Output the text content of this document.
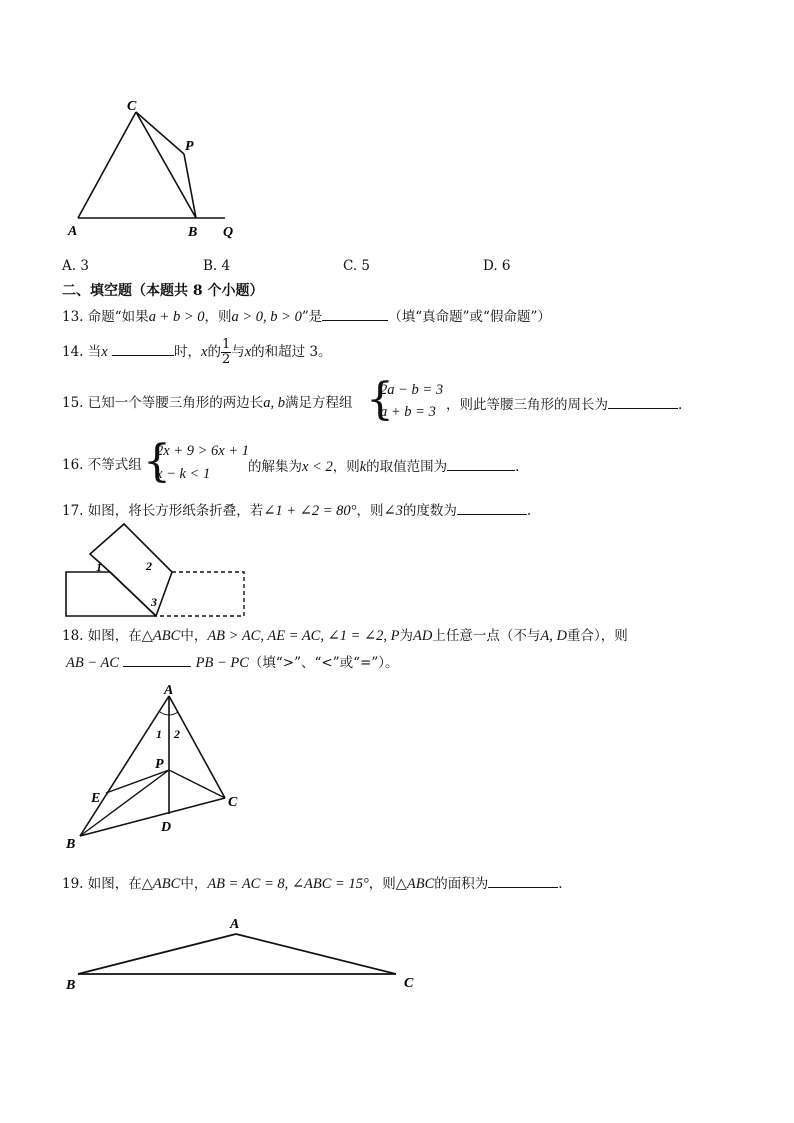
C
P
A	B Q
A. 3	B. 4	C. 5	D. 6
二、填空题（本题共 8 个小题）
13. 命题“如果a + b > 0，则a > 0, b > 0”是	（填“真命题”或“假命题”）
14. 当x	时，x的 $\frac{1}{2}$ 与x的和超过 3。
15. 已知一个等腰三角形的两边长a, b满足方程组 {
2a − b = 3
a + b = 3 ，则此等腰三角形的周长为	.
16. 不等式组 {
2x + 9 > 6x + 1
x − k < 1	的解集为x < 2，则k的取值范围为	.
17. 如图，将长方形纸条折叠，若∠1 + ∠2 = 80°，则∠3的度数为	.
1	2
3
18. 如图，在△ABC中，AB > AC, AE = AC, ∠1 = ∠2, P为AD上任意一点（不与A, D重合），则
AB − AC	PB − PC（填“>”、“<”或“=”）。
A
B
C
D
E
P
1 2
19. 如图，在△ABC中，AB = AC = 8, ∠ABC = 15°，则△ABC的面积为	.
A
B	C
